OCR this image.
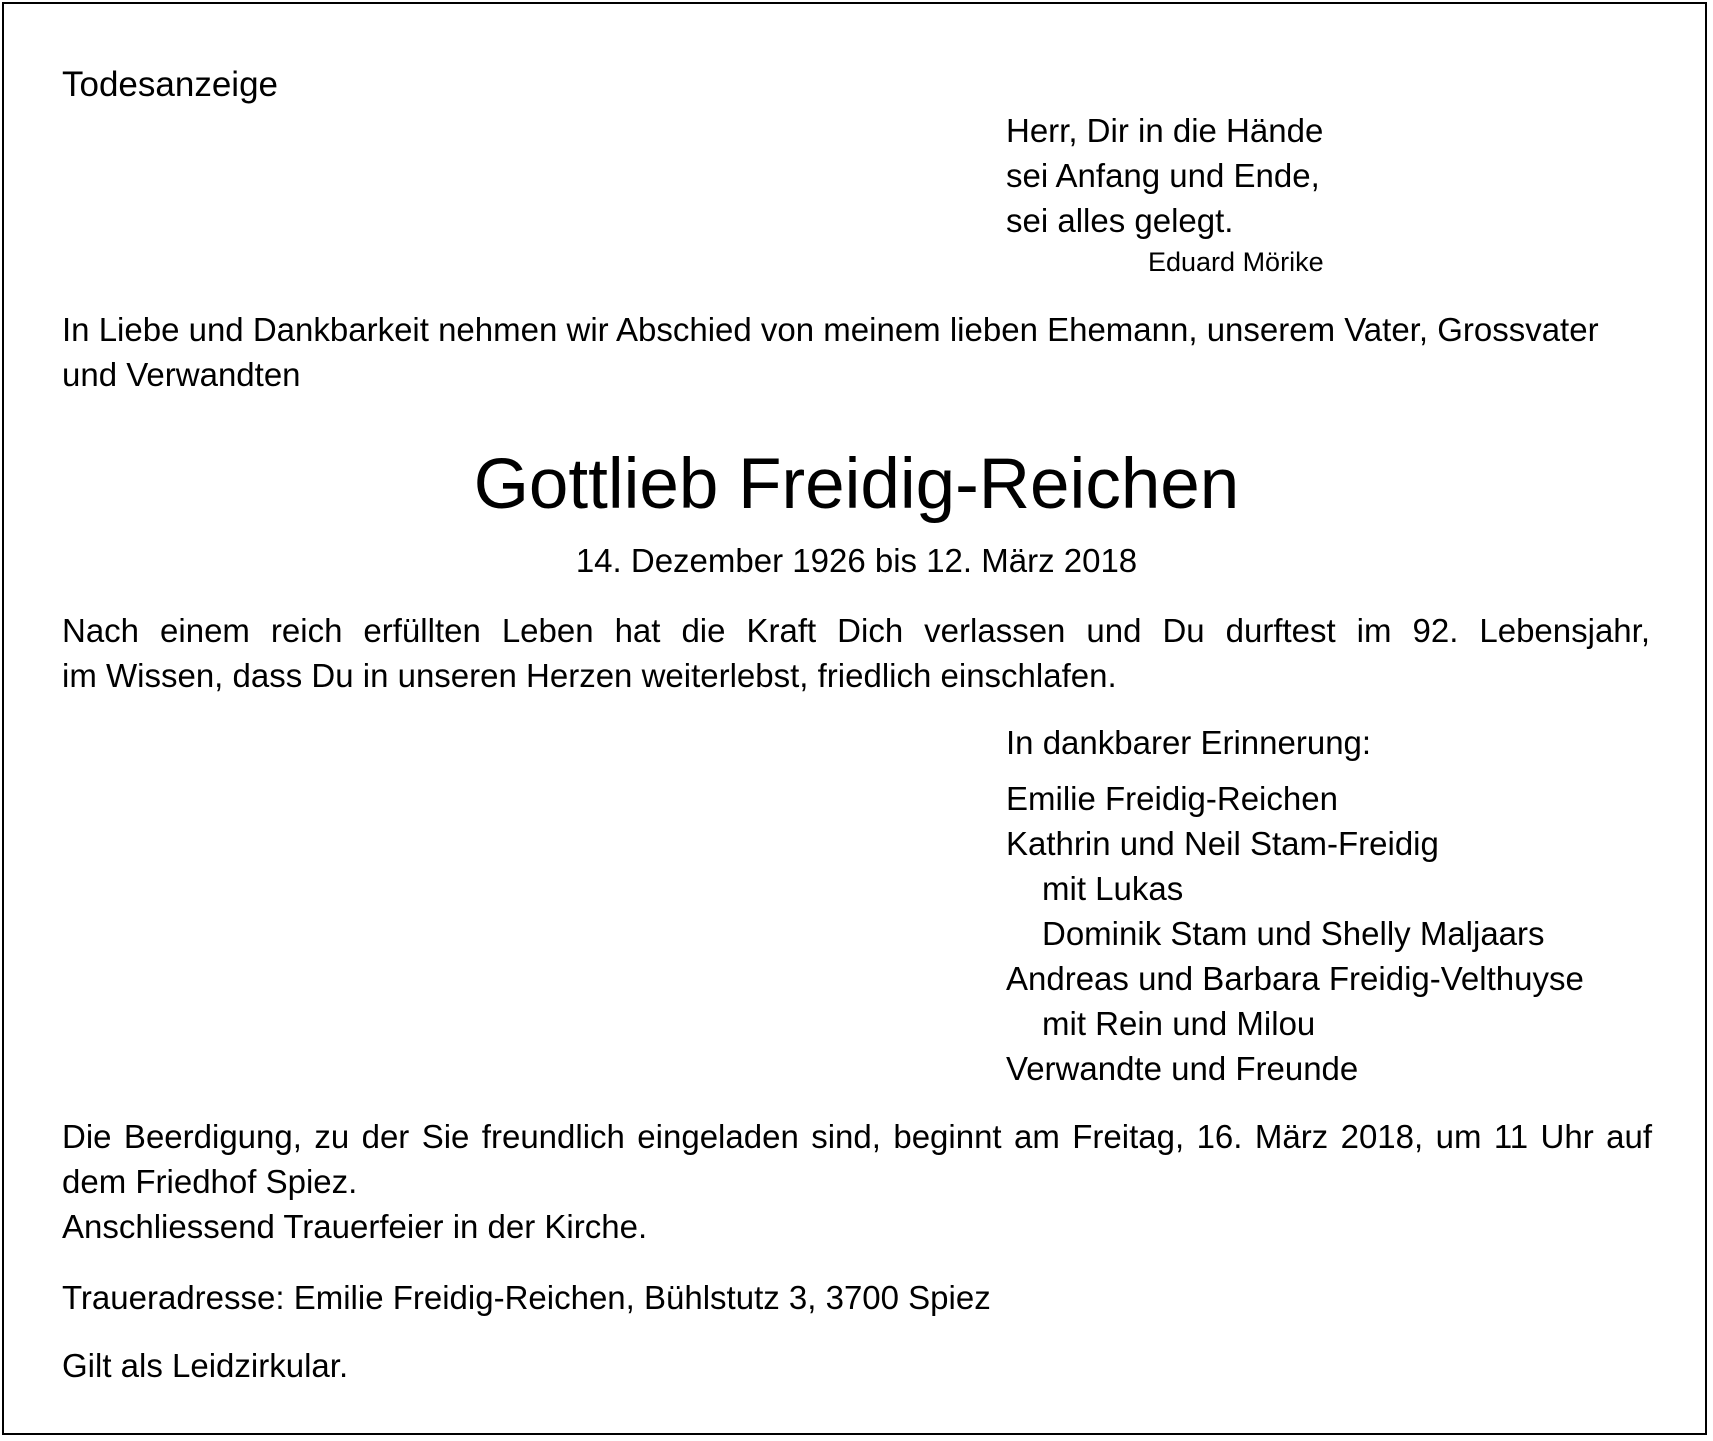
Todesanzeige
Herr, Dir in die Hände
sei Anfang und Ende,
sei alles gelegt.
Eduard Mörike
In Liebe und Dankbarkeit nehmen wir Abschied von meinem lieben Ehemann, unserem Vater, Grossvater
und Verwandten
Gottlieb Freidig-Reichen
14. Dezember 1926 bis 12. März 2018
Nach einem reich erfüllten Leben hat die Kraft Dich verlassen und Du durftest im 92. Lebensjahr,
im Wissen, dass Du in unseren Herzen weiterlebst, friedlich einschlafen.
In dankbarer Erinnerung:
Emilie Freidig-Reichen
Kathrin und Neil Stam-Freidig
mit Lukas
Dominik Stam und Shelly Maljaars
Andreas und Barbara Freidig-Velthuyse
mit Rein und Milou
Verwandte und Freunde
Die Beerdigung, zu der Sie freundlich eingeladen sind, beginnt am Freitag, 16. März 2018, um 11 Uhr auf
dem Friedhof Spiez.
Anschliessend Trauerfeier in der Kirche.
Traueradresse: Emilie Freidig-Reichen, Bühlstutz 3, 3700 Spiez
Gilt als Leidzirkular.
